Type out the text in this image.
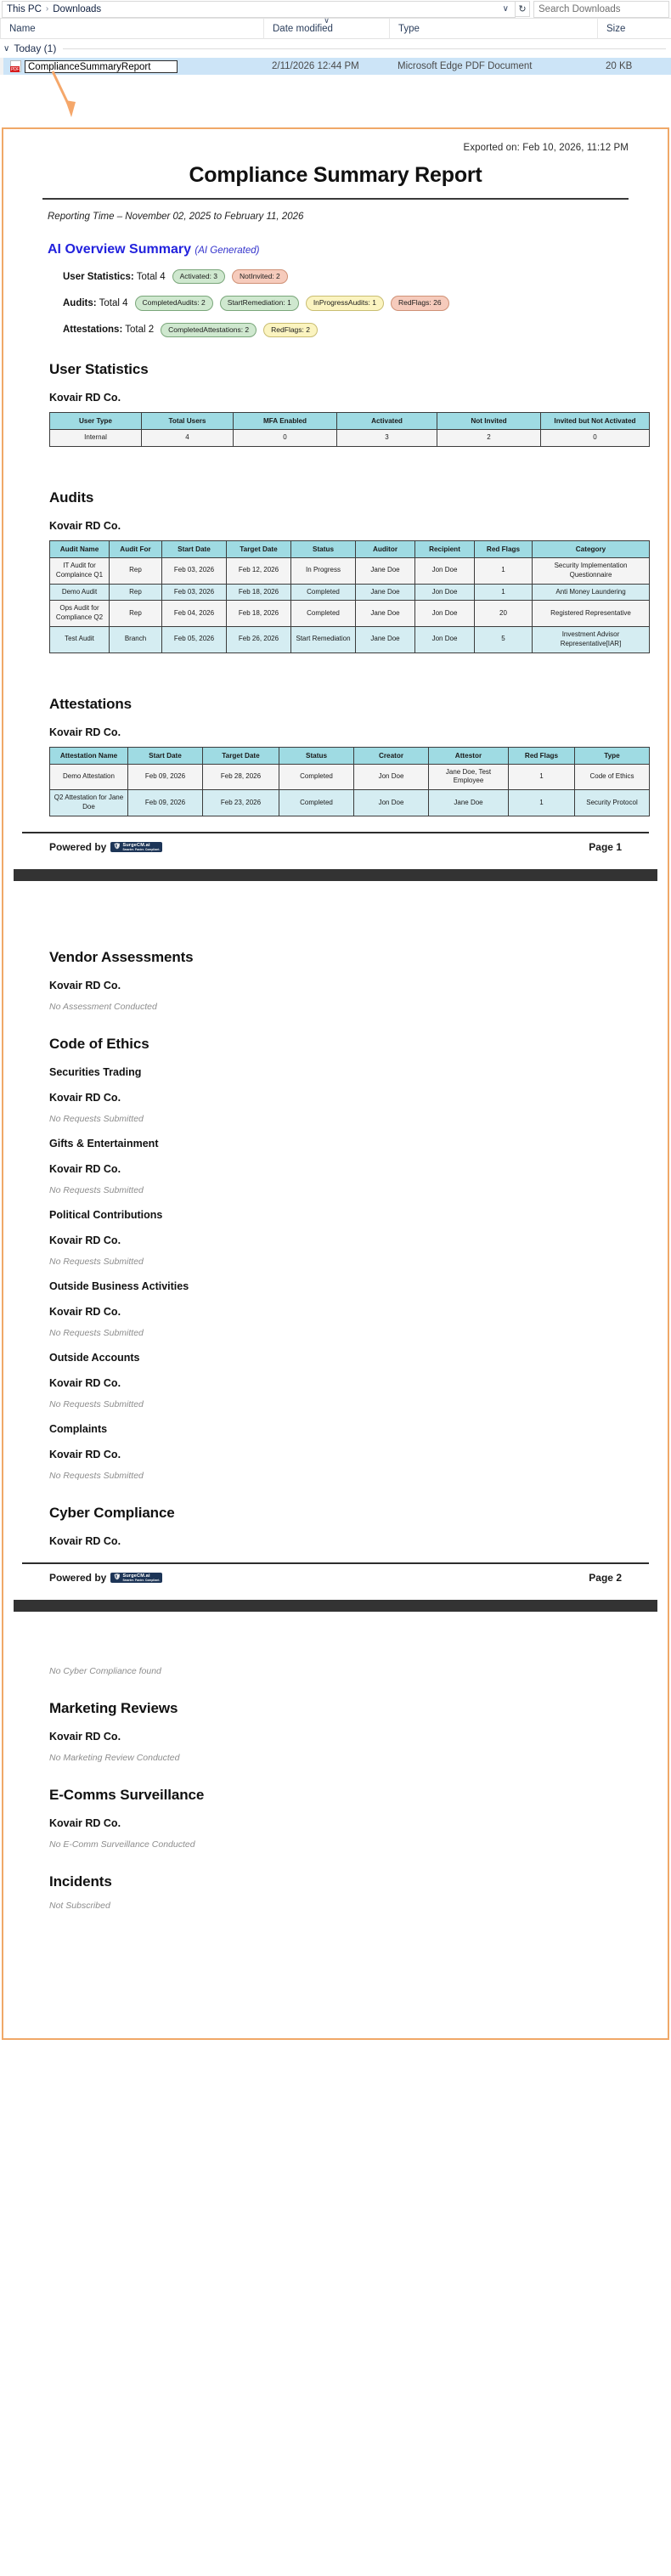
This PC › Downloads	∨	↻	Search Downloads
Name
∨
Date modified	Type	Size
∨ Today (1)
PDF
ComplianceSummaryReport	2/11/2026 12:44 PM	Microsoft Edge PDF Document	20 KB
Exported on: Feb 10, 2026, 11:12 PM
Compliance Summary Report
Reporting Time – November 02, 2025 to February 11, 2026
AI Overview Summary (AI Generated)
User Statistics: Total 4	Activated: 3	NotInvited: 2
Audits: Total 4	CompletedAudits: 2	StartRemediation: 1	InProgressAudits: 1	RedFlags: 26
Attestations: Total 2	CompletedAttestations: 2	RedFlags: 2
User Statistics
Kovair RD Co.
User Type	Total Users	MFA Enabled	Activated	Not Invited	Invited but Not Activated
Internal	4	0	3	2	0
Audits
Kovair RD Co.
Audit Name	Audit For	Start Date	Target Date	Status	Auditor	Recipient	Red Flags	Category
IT Audit for Complaince Q1	Rep	Feb 03, 2026	Feb 12, 2026	In Progress	Jane Doe	Jon Doe	1	Security Implementation Questionnaire
Demo Audit	Rep	Feb 03, 2026	Feb 18, 2026	Completed	Jane Doe	Jon Doe	1	Anti Money Laundering
Ops Audit for Compliance Q2	Rep	Feb 04, 2026	Feb 18, 2026	Completed	Jane Doe	Jon Doe	20	Registered Representative
Test Audit	Branch	Feb 05, 2026	Feb 26, 2026	Start Remediation	Jane Doe	Jon Doe	5	Investment Advisor Representative[IAR]
Attestations
Kovair RD Co.
Attestation Name	Start Date	Target Date	Status	Creator	Attestor	Red Flags	Type
Demo Attestation	Feb 09, 2026	Feb 28, 2026	Completed	Jon Doe	Jane Doe, Test Employee	1	Code of Ethics
Q2 Attestation for Jane Doe	Feb 09, 2026	Feb 23, 2026	Completed	Jon Doe	Jane Doe	1	Security Protocol
Powered by 🛡 SurgeCM.ai
Smarter. Faster. Compliant.	Page 1
Vendor Assessments
Kovair RD Co.

No Assessment Conducted

Code of Ethics
Securities Trading
Kovair RD Co.

No Requests Submitted

Gifts & Entertainment
Kovair RD Co.

No Requests Submitted

Political Contributions
Kovair RD Co.

No Requests Submitted

Outside Business Activities
Kovair RD Co.

No Requests Submitted

Outside Accounts
Kovair RD Co.

No Requests Submitted

Complaints
Kovair RD Co.

No Requests Submitted

Cyber Compliance
Kovair RD Co.
Powered by 🛡 SurgeCM.ai
Smarter. Faster. Compliant.	Page 2

No Cyber Compliance found

Marketing Reviews
Kovair RD Co.

No Marketing Review Conducted

E-Comms Surveillance
Kovair RD Co.

No E-Comm Surveillance Conducted

Incidents

Not Subscribed
